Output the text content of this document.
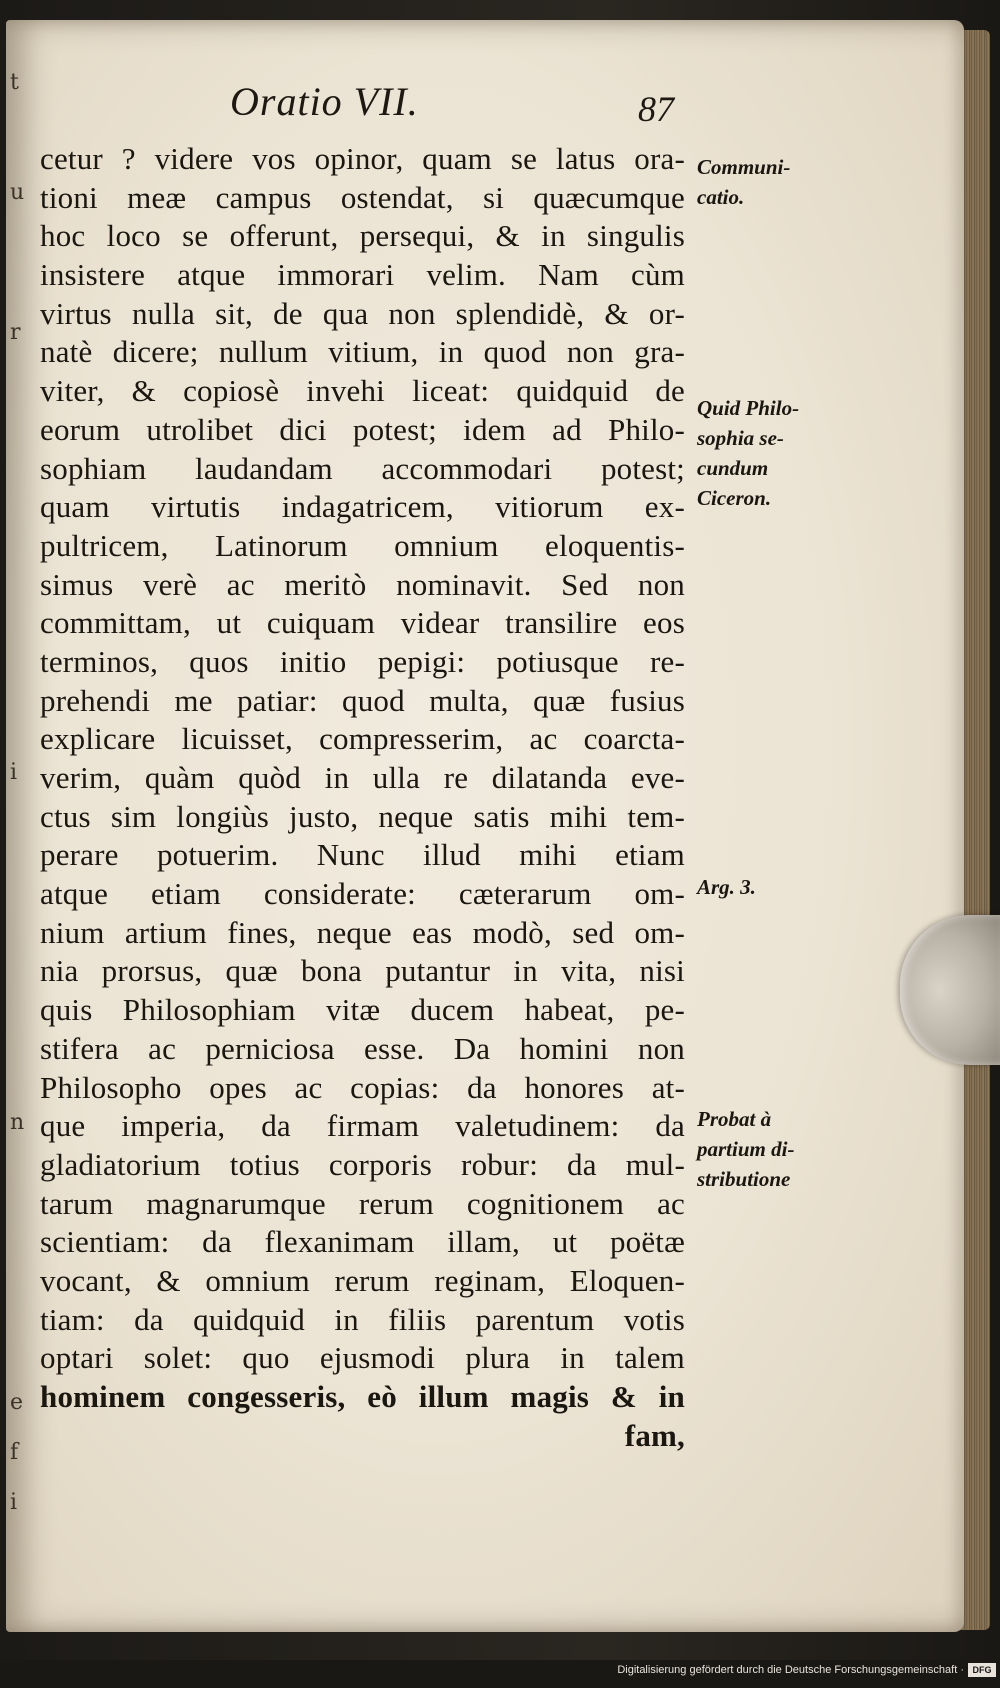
t
u
r
i
n
e
f
i
Oratio VII.	87
cetur ? videre vos opinor, quam se latus ora-
tioni meæ campus ostendat, si quæcumque
hoc loco se offerunt, persequi, & in singulis
insistere atque immorari velim. Nam cùm
virtus nulla sit, de qua non splendidè, & or-
natè dicere; nullum vitium, in quod non gra-
viter, & copiosè invehi liceat: quidquid de
eorum utrolibet dici potest; idem ad Philo-
sophiam laudandam accommodari potest;
quam virtutis indagatricem, vitiorum ex-
pultricem, Latinorum omnium eloquentis-
simus verè ac meritò nominavit. Sed non
committam, ut cuiquam videar transilire eos
terminos, quos initio pepigi: potiusque re-
prehendi me patiar: quod multa, quæ fusius
explicare licuisset, compresserim, ac coarcta-
verim, quàm quòd in ulla re dilatanda eve-
ctus sim longiùs justo, neque satis mihi tem-
perare potuerim. Nunc illud mihi etiam
atque etiam considerate: cæterarum om-
nium artium fines, neque eas modò, sed om-
nia prorsus, quæ bona putantur in vita, nisi
quis Philosophiam vitæ ducem habeat, pe-
stifera ac perniciosa esse. Da homini non
Philosopho opes ac copias: da honores at-
que imperia, da firmam valetudinem: da
gladiatorium totius corporis robur: da mul-
tarum magnarumque rerum cognitionem ac
scientiam: da flexanimam illam, ut poëtæ
vocant, & omnium rerum reginam, Eloquen-
tiam: da quidquid in filiis parentum votis
optari solet: quo ejusmodi plura in talem
hominem congesseris, eò illum magis & in
fam,
Communi-
catio.
Quid Philo-
sophia se-
cundum
Ciceron.
Arg. 3.
Probat à
partium di-
stributione
Digitalisierung gefördert durch die Deutsche Forschungsgemeinschaft · DFG
